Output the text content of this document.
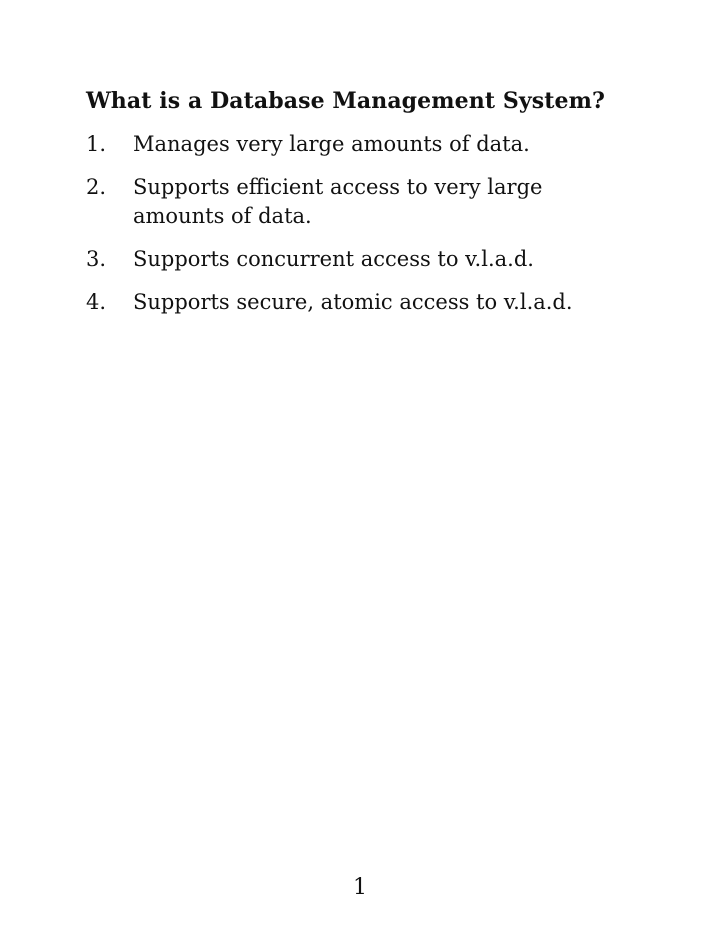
What is a Database Management System?
1.	Manages very large amounts of data.
2.	Supports efficient access to very large amounts of data.
3.	Supports concurrent access to v.l.a.d.
4.	Supports secure, atomic access to v.l.a.d.
1
